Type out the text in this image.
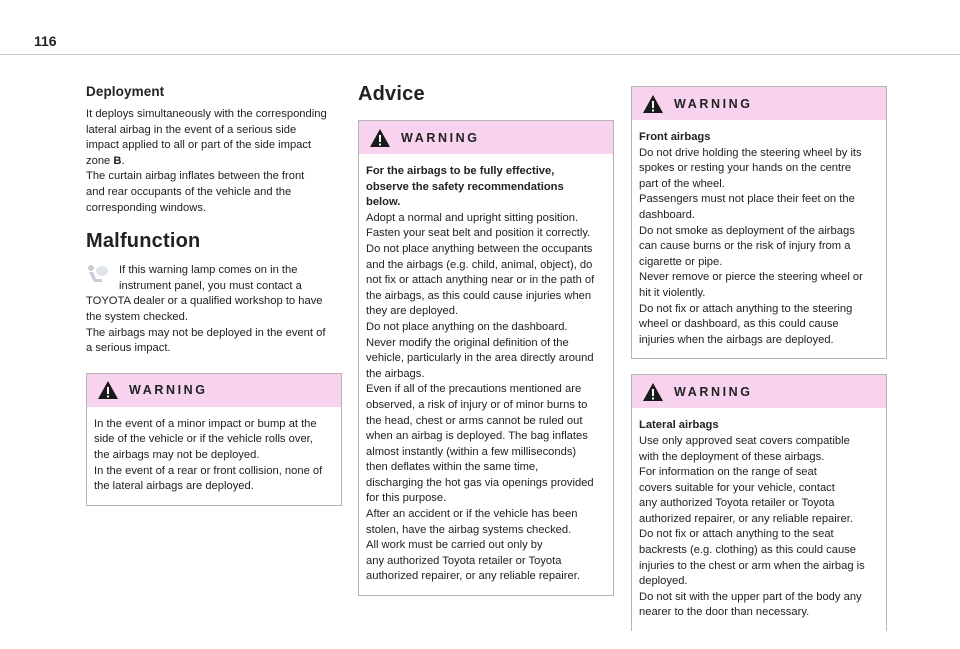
116
Deployment

It deploys simultaneously with the corresponding

lateral airbag in the event of a serious side

impact applied to all or part of the side impact

zone B.

The curtain airbag inflates between the front

and rear occupants of the vehicle and the

corresponding windows.

Malfunction

If this warning lamp comes on in the

instrument panel, you must contact a

TOYOTA dealer or a qualified workshop to have

the system checked.

The airbags may not be deployed in the event of

a serious impact.

WARNING

In the event of a minor impact or bump at the

side of the vehicle or if the vehicle rolls over,

the airbags may not be deployed.

In the event of a rear or front collision, none of

the lateral airbags are deployed.

Advice
WARNING

For the airbags to be fully effective,

observe the safety recommendations

below.

Adopt a normal and upright sitting position.

Fasten your seat belt and position it correctly.

Do not place anything between the occupants

and the airbags (e.g. child, animal, object), do

not fix or attach anything near or in the path of

the airbags, as this could cause injuries when

they are deployed.

Do not place anything on the dashboard.

Never modify the original definition of the

vehicle, particularly in the area directly around

the airbags.

Even if all of the precautions mentioned are

observed, a risk of injury or of minor burns to

the head, chest or arms cannot be ruled out

when an airbag is deployed. The bag inflates

almost instantly (within a few milliseconds)

then deflates within the same time,

discharging the hot gas via openings provided

for this purpose.

After an accident or if the vehicle has been

stolen, have the airbag systems checked.

All work must be carried out only by

any authorized Toyota retailer or Toyota

authorized repairer, or any reliable repairer.

WARNING

Front airbags

Do not drive holding the steering wheel by its

spokes or resting your hands on the centre

part of the wheel.

Passengers must not place their feet on the

dashboard.

Do not smoke as deployment of the airbags

can cause burns or the risk of injury from a

cigarette or pipe.

Never remove or pierce the steering wheel or

hit it violently.

Do not fix or attach anything to the steering

wheel or dashboard, as this could cause

injuries when the airbags are deployed.

WARNING

Lateral airbags

Use only approved seat covers compatible

with the deployment of these airbags.

For information on the range of seat

covers suitable for your vehicle, contact

any authorized Toyota retailer or Toyota

authorized repairer, or any reliable repairer.

Do not fix or attach anything to the seat

backrests (e.g. clothing) as this could cause

injuries to the chest or arm when the airbag is

deployed.

Do not sit with the upper part of the body any

nearer to the door than necessary.
